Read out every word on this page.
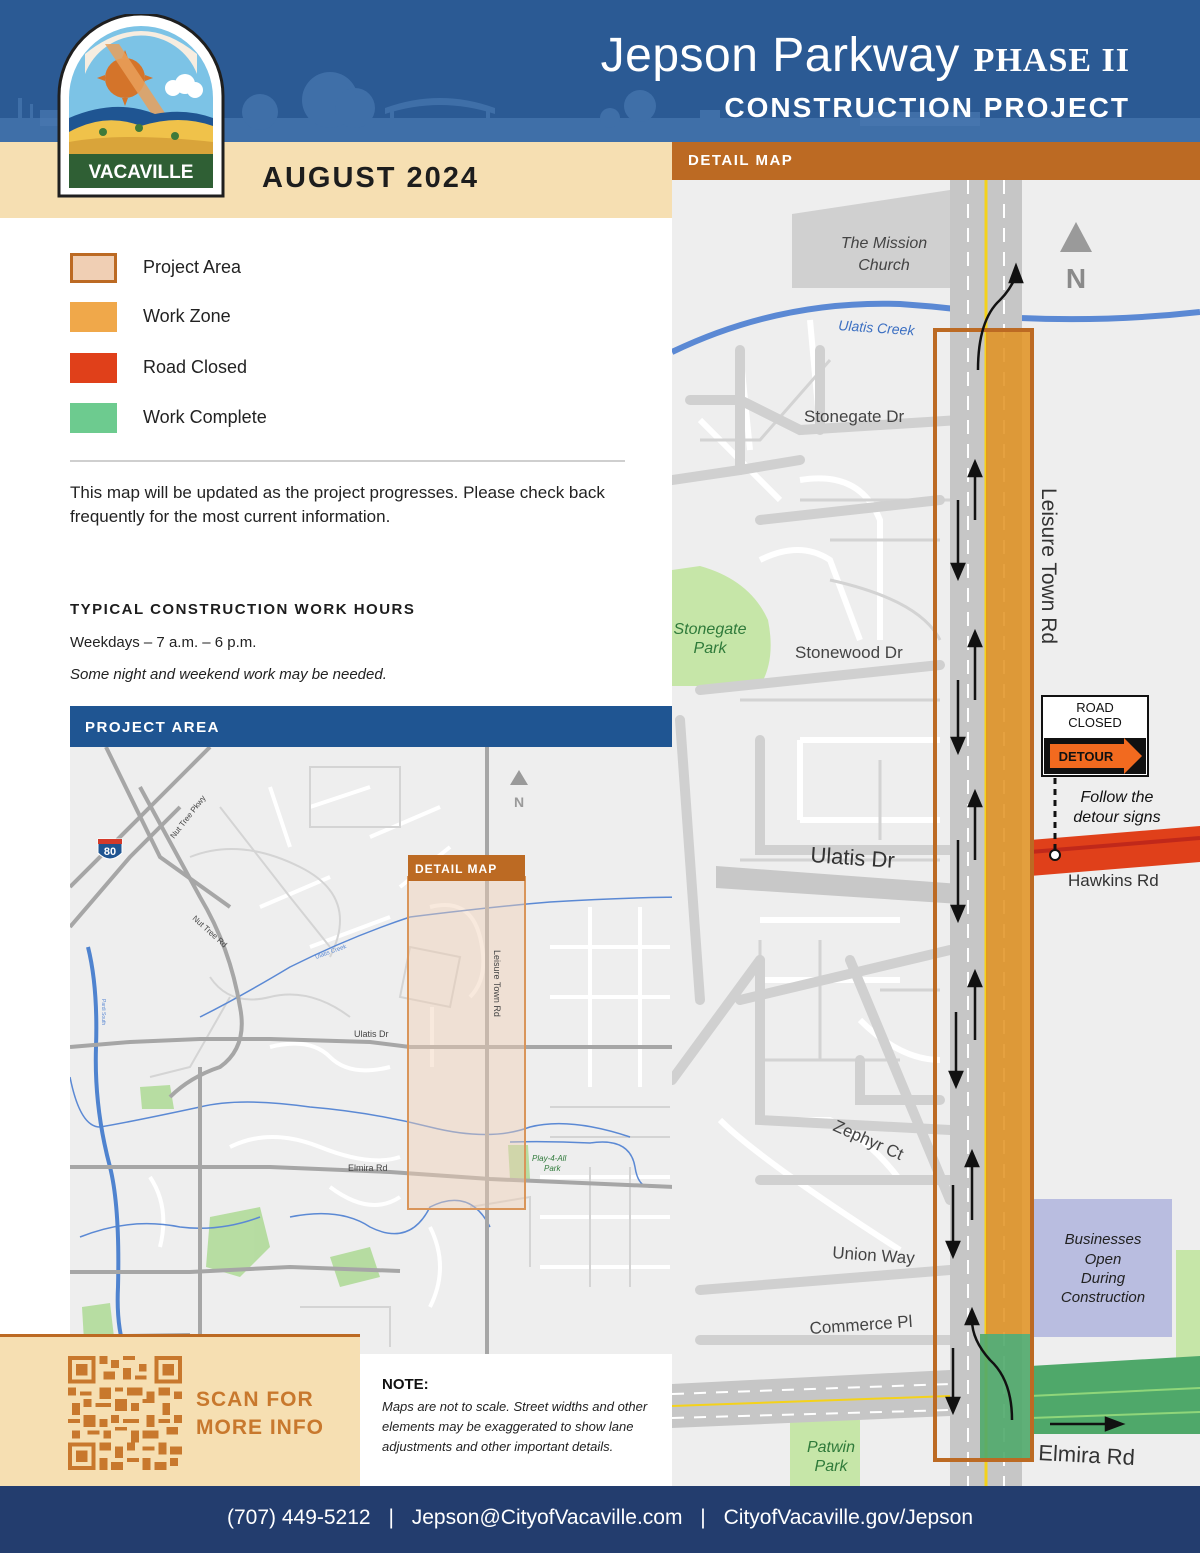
Jepson Parkway PHASE II
CONSTRUCTION PROJECT
AUGUST 2024
VACAVILLE
Project Area
Work Zone
Road Closed
Work Complete
This map will be updated as the project progresses. Please check back frequently for the most current information.
TYPICAL CONSTRUCTION WORK HOURS
Weekdays – 7 a.m. – 6 p.m.
Some night and weekend work may be needed.
PROJECT AREA
DETAIL MAP
80
N
Nut Tree Pkwy
Nut Tree Rd
Ulatis Creek	Leisure Town Rd
Ulatis Dr
Elmira Rd
Play-4-All
Park
Pardi South
DETAIL MAP
N
ROAD
CLOSED
DETOUR
The Mission
Church
Ulatis Creek
Stonegate Dr
Stonegate
Park	Stonewood Dr
Leisure Town Rd
Ulatis Dr
Hawkins Rd
Follow the
detour signs
Zephyr Ct
Union Way
Commerce Pl
Patwin
Park	Elmira Rd
Businesses
Open
During
Construction
SCAN FOR
MORE INFO
NOTE:
Maps are not to scale. Street widths and other elements may be exaggerated to show lane adjustments and other important details.
(707) 449-5212 | Jepson@CityofVacaville.com | CityofVacaville.gov/Jepson
